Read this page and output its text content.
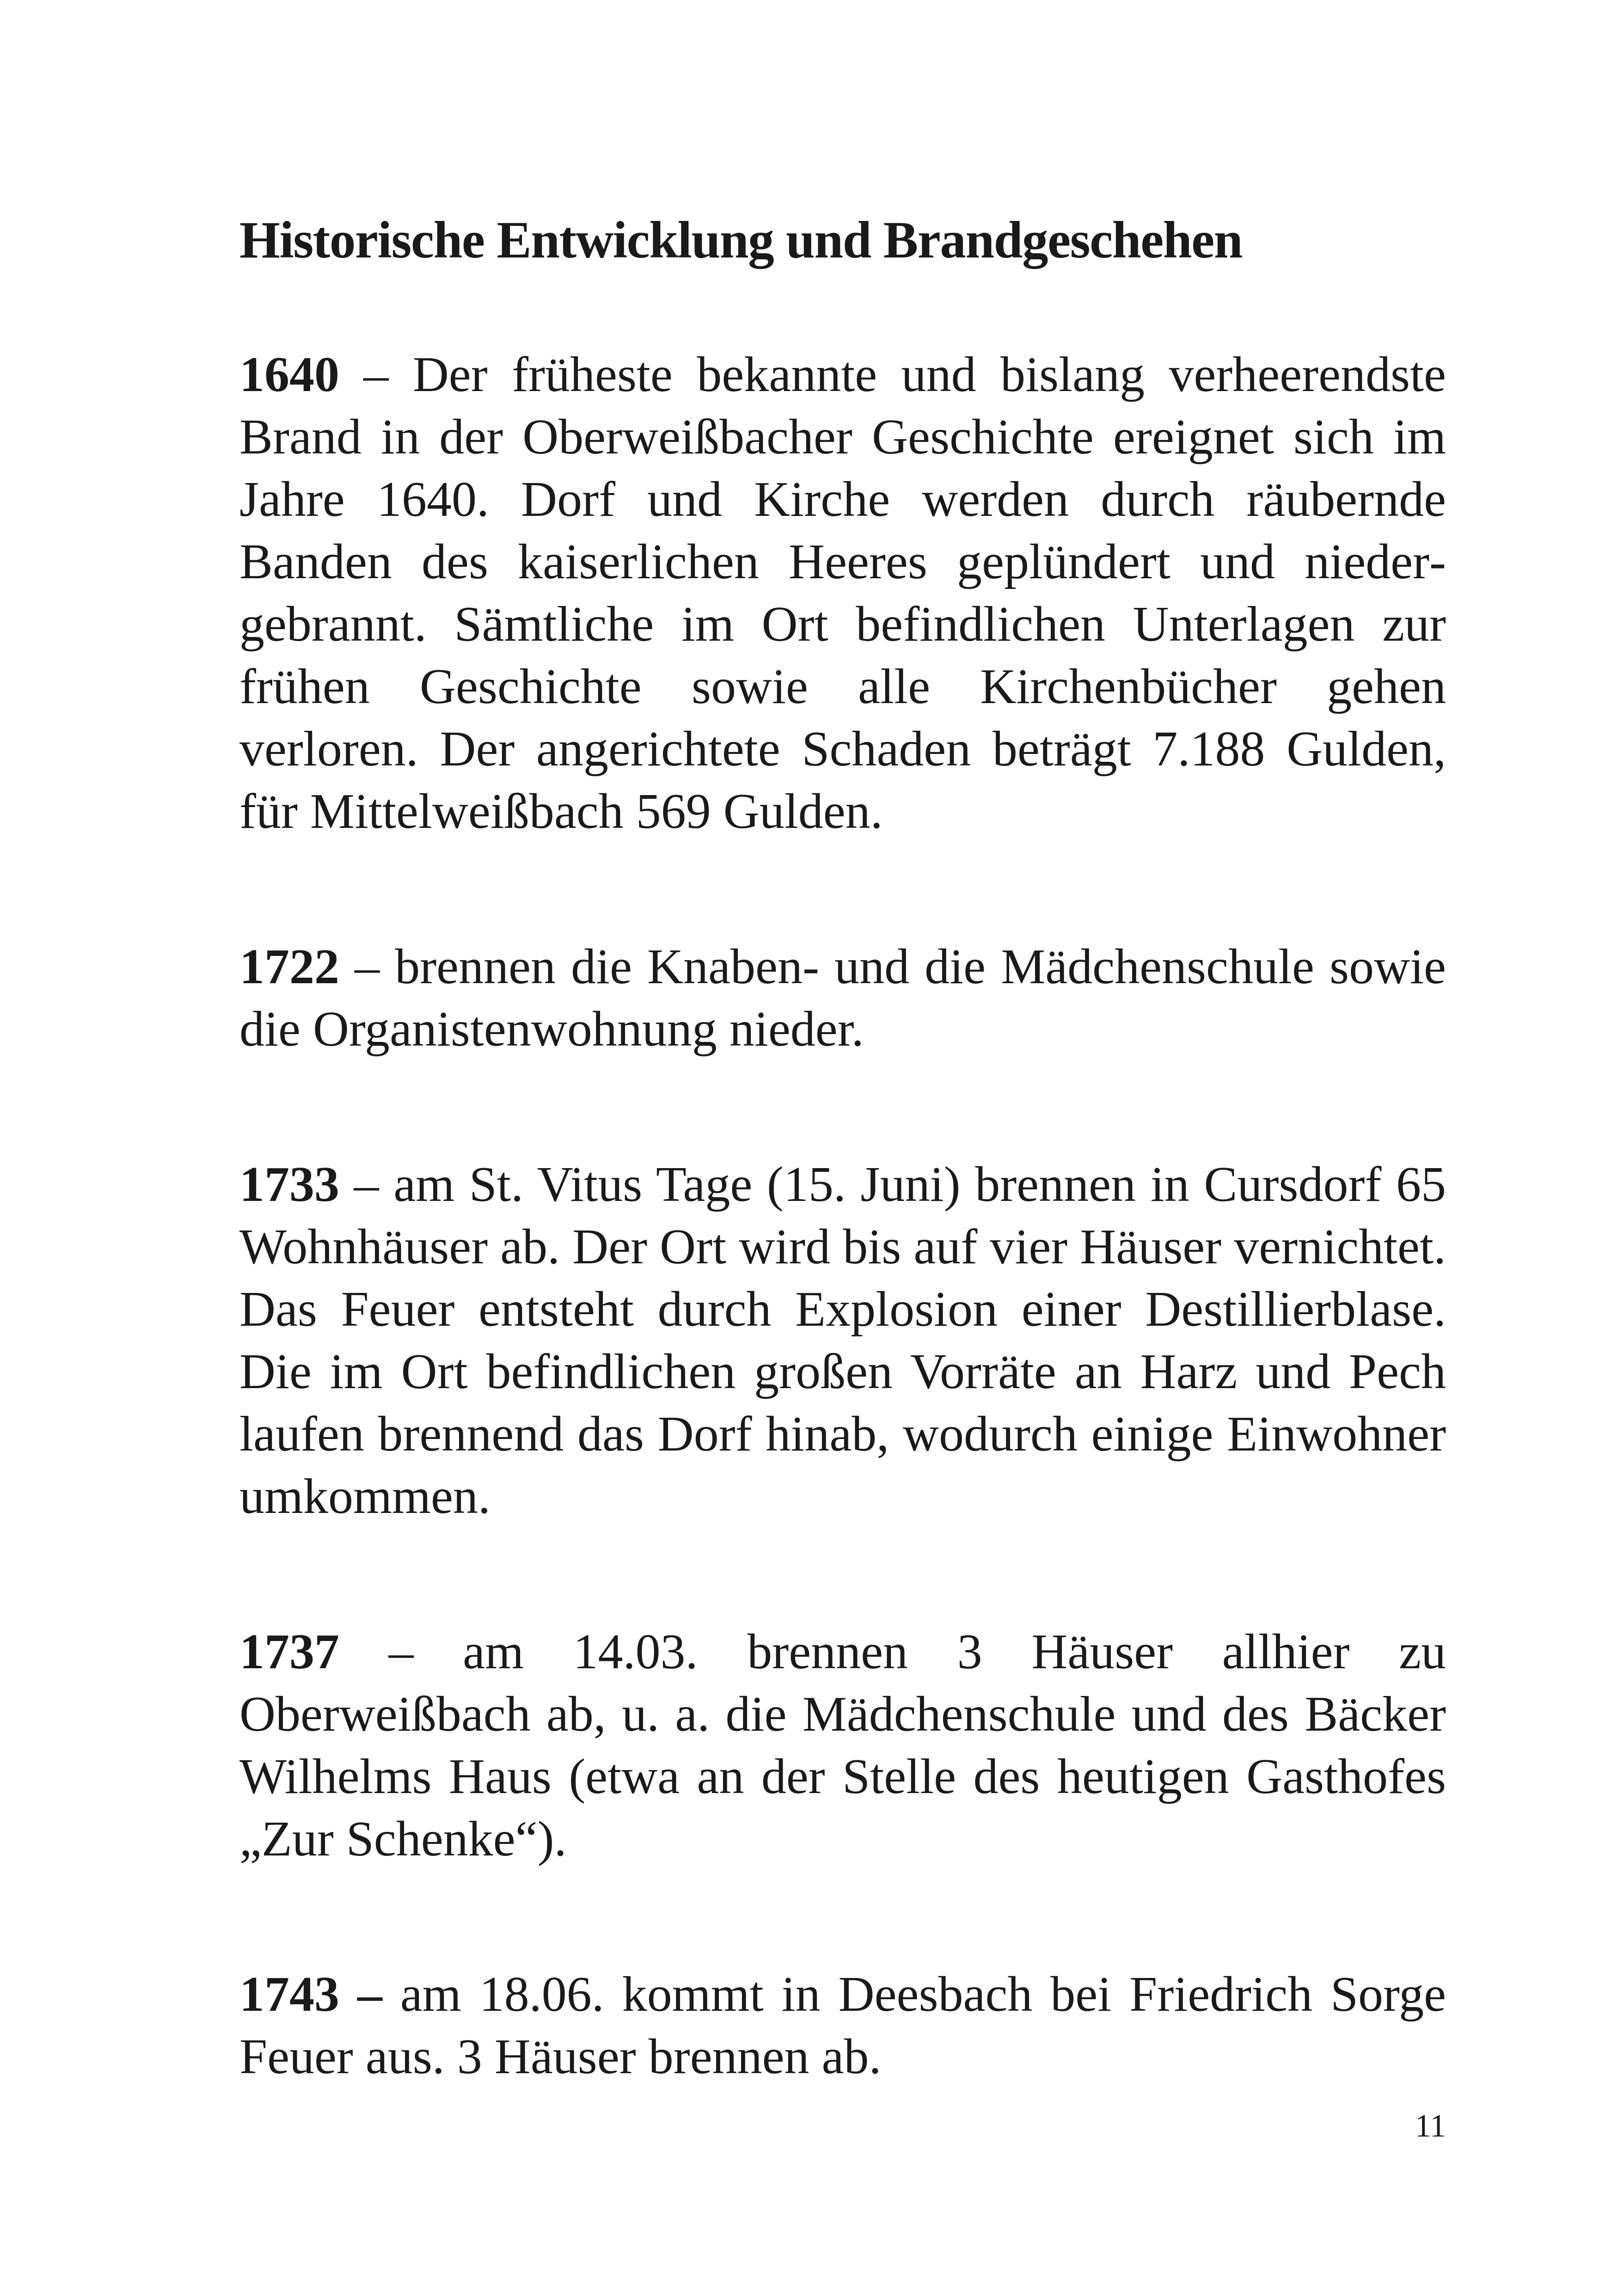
Historische Entwicklung und Brandgeschehen

1640 – Der früheste bekannte und bislang verheerendste Brand in der Oberweißbacher Geschichte ereignet sich im Jahre 1640. Dorf und Kirche werden durch räubernde Banden des kaiserlichen Heeres geplündert und niedergebrannt. Sämtliche im Ort befindlichen Unterlagen zur frühen Geschichte sowie alle Kirchenbücher gehen verloren. Der angerichtete Schaden beträgt 7.188 Gulden, für Mittelweißbach 569 Gulden.

1722 – brennen die Knaben- und die Mädchenschule sowie die Organistenwohnung nieder.

1733 – am St. Vitus Tage (15. Juni) brennen in Cursdorf 65 Wohnhäuser ab. Der Ort wird bis auf vier Häuser vernichtet. Das Feuer entsteht durch Explosion einer Destillierblase. Die im Ort befindlichen großen Vorräte an Harz und Pech laufen brennend das Dorf hinab, wodurch einige Einwohner umkommen.

1737 – am 14.03. brennen 3 Häuser allhier zu Oberweißbach ab, u. a. die Mädchenschule und des Bäcker Wilhelms Haus (etwa an der Stelle des heutigen Gasthofes „Zur Schenke“).

1743 – am 18.06. kommt in Deesbach bei Friedrich Sorge Feuer aus. 3 Häuser brennen ab.

11
